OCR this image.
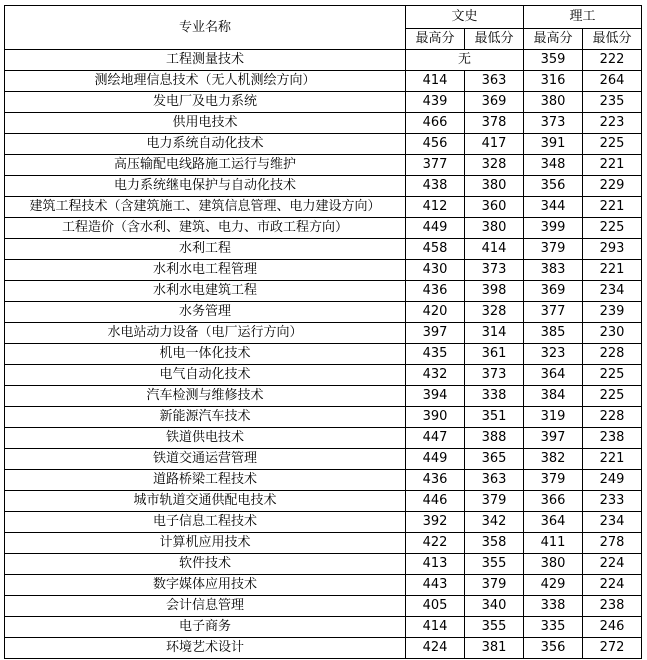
专业名称	文史		理工	
	最高分	最低分	最高分	最低分
工程测量技术	无		359	222
测绘地理信息技术（无人机测绘方向）	414	363	316	264
发电厂及电力系统	439	369	380	235
供用电技术	466	378	373	223
电力系统自动化技术	456	417	391	225
高压输配电线路施工运行与维护	377	328	348	221
电力系统继电保护与自动化技术	438	380	356	229
建筑工程技术（含建筑施工、建筑信息管理、电力建设方向）	412	360	344	221
工程造价（含水利、建筑、电力、市政工程方向）	449	380	399	225
水利工程	458	414	379	293
水利水电工程管理	430	373	383	221
水利水电建筑工程	436	398	369	234
水务管理	420	328	377	239
水电站动力设备（电厂运行方向）	397	314	385	230
机电一体化技术	435	361	323	228
电气自动化技术	432	373	364	225
汽车检测与维修技术	394	338	384	225
新能源汽车技术	390	351	319	228
铁道供电技术	447	388	397	238
铁道交通运营管理	449	365	382	221
道路桥梁工程技术	436	363	379	249
城市轨道交通供配电技术	446	379	366	233
电子信息工程技术	392	342	364	234
计算机应用技术	422	358	411	278
软件技术	413	355	380	224
数字媒体应用技术	443	379	429	224
会计信息管理	405	340	338	238
电子商务	414	355	335	246
环境艺术设计	424	381	356	272
